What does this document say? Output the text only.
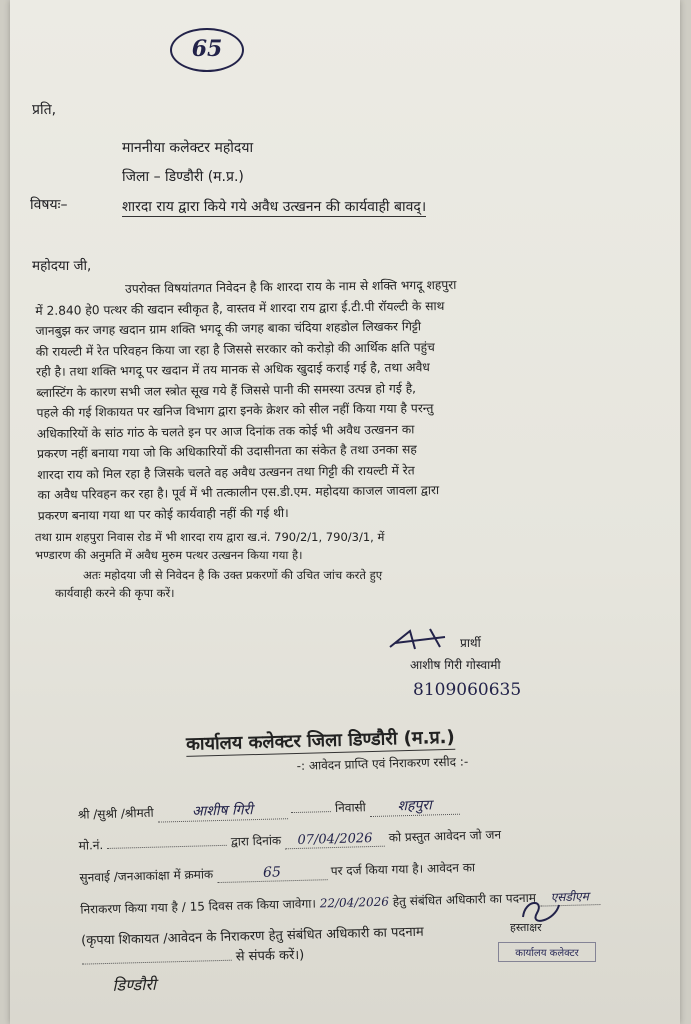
65
प्रति,
माननीया कलेक्टर महोदया
जिला – डिण्डौरी (म.प्र.)
विषयः–	शारदा राय द्वारा किये गये अवैध उत्खनन की कार्यवाही बावद्।
महोदया जी,
उपरोक्त विषयांतगत निवेदन है कि शारदा राय के नाम से शक्ति भगदू शहपुरा
में 2.840 हे0 पत्थर की खदान स्वीकृत है, वास्तव में शारदा राय द्वारा ई.टी.पी रॉयल्टी के साथ
जानबुझ कर जगह खदान ग्राम शक्ति भगदू की जगह बाका चंदिया शहडोल लिखकर गिट्टी
की रायल्टी में रेत परिवहन किया जा रहा है जिससे सरकार को करोड़ो की आर्थिक क्षति पहुंच
रही है। तथा शक्ति भगदू पर खदान में तय मानक से अधिक खुदाई कराई गई है, तथा अवैध
ब्लास्टिंग के कारण सभी जल स्त्रोत सूख गये हैं जिससे पानी की समस्या उत्पन्न हो गई है,
पहले की गई शिकायत पर खनिज विभाग द्वारा इनके क्रेशर को सील नहीं किया गया है परन्तु
अधिकारियों के सांठ गांठ के चलते इन पर आज दिनांक तक कोई भी अवैध उत्खनन का
प्रकरण नहीं बनाया गया जो कि अधिकारियों की उदासीनता का संकेत है तथा उनका सह
शारदा राय को मिल रहा है जिसके चलते वह अवैध उत्खनन तथा गिट्टी की रायल्टी में रेत
का अवैध परिवहन कर रहा है। पूर्व में भी तत्कालीन एस.डी.एम. महोदया काजल जावला द्वारा
प्रकरण बनाया गया था पर कोई कार्यवाही नहीं की गई थी।
तथा ग्राम शहपुरा निवास रोड में भी शारदा राय द्वारा ख.नं. 790/2/1, 790/3/1, में
भण्डारण की अनुमति में अवैध मुरुम पत्थर उत्खनन किया गया है।
अतः महोदया जी से निवेदन है कि उक्त प्रकरणों की उचित जांच करते हुए
कार्यवाही करने की कृपा करें।
प्रार्थी
आशीष गिरी गोस्वामी
8109060635
कार्यालय कलेक्टर जिला डिण्डौरी (म.प्र.)
-: आवेदन प्राप्ति एवं निराकरण रसीद :-
श्री /सुश्री /श्रीमती	आशीष गिरी	निवासी शहपुरा
मो.नं.	द्वारा दिनांक 07/04/2026 को प्रस्तुत आवेदन जो जन
सुनवाई /जनआकांक्षा में क्रमांक	65	पर दर्ज किया गया है। आवेदन का
निराकरण किया गया है / 15 दिवस तक किया जावेगा। 22/04/2026 हेतु संबंधित अधिकारी का पदनाम एसडीएम
(कृपया शिकायत /आवेदन के निराकरण हेतु संबंधित अधिकारी का पदनाम
से संपर्क करें।)
डिण्डौरी
हस्ताक्षर
कार्यालय कलेक्टर
